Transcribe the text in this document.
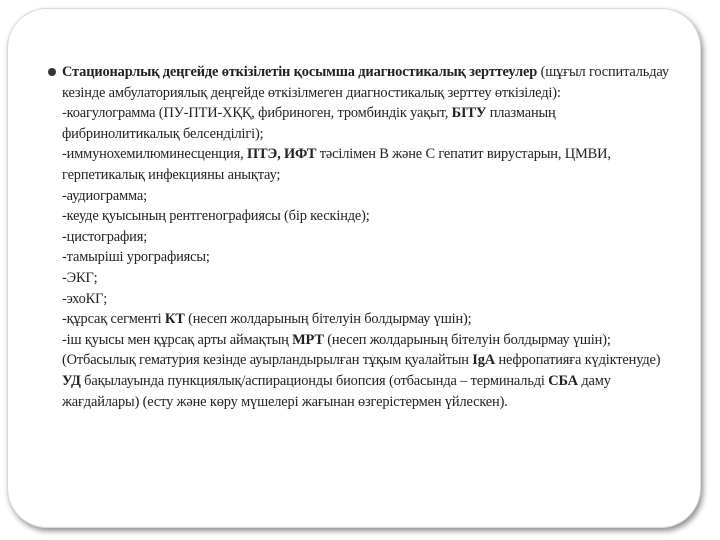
Стационарлық деңгейде өткізілетін қосымша диагностикалық зерттеулер (шұғыл госпитальдау кезінде амбулаториялық деңгейде өткізілмеген диагностикалық зерттеу өткізіледі):

-коагулограмма (ПУ-ПТИ-ХҚҚ, фибриноген, тромбиндік уақыт, БІТУ плазманың фибринолитикалық белсенділігі);

-иммунохемилюминесценция, ПТЭ, ИФТ тәсілімен В және С гепатит вирустарын, ЦМВИ, герпетикалық инфекцияны анықтау;

-аудиограмма;

-кеуде қуысының рентгенографиясы (бір кескінде);

-цистография;

-тамыріші урографиясы;

-ЭКГ;

-эхоКГ;

-құрсақ сегменті КТ (несеп жолдарының бітелуін болдырмау үшін);

-іш қуысы мен құрсақ арты аймақтың МРТ (несеп жолдарының бітелуін болдырмау үшін);

(Отбасылық гематурия кезінде ауырландырылған тұқым қуалайтын IgA нефропатияға күдіктенуде) УД бақылауында пункциялық/аспирационды биопсия (отбасында – терминальді СБА даму жағдайлары) (есту және көру мүшелері жағынан өзгерістермен үйлескен).
